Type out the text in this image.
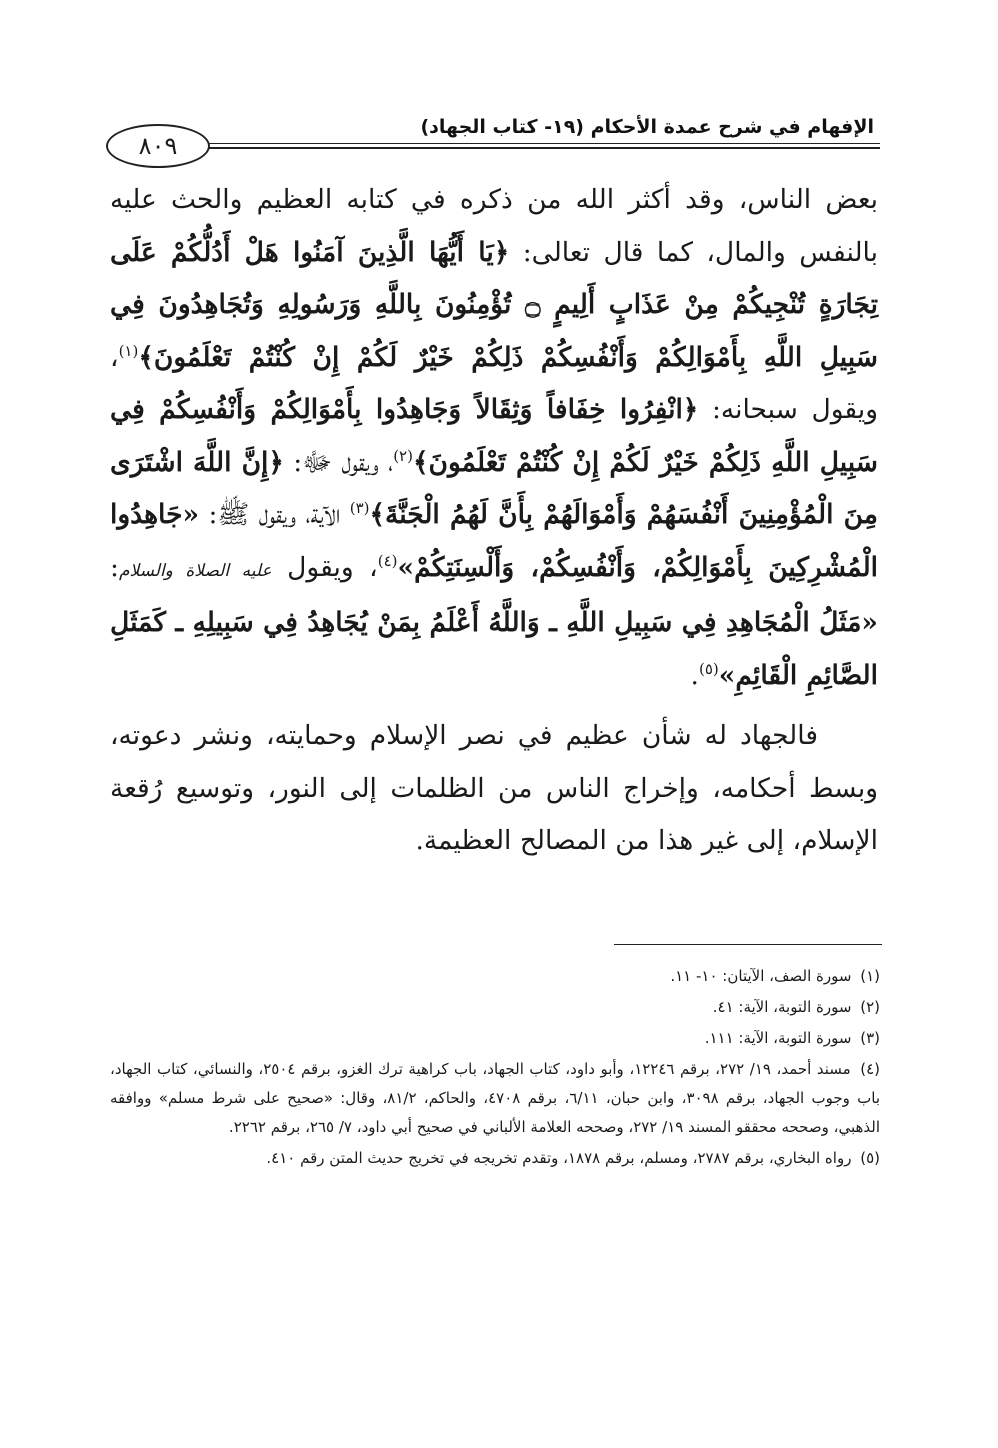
الإفهام في شرح عمدة الأحكام (١٩- كتاب الجهاد)
٨٠٩

بعض الناس، وقد أكثر الله من ذكره في كتابه العظيم والحث عليه بالنفس والمال، كما قال تعالى: ﴿يَا أَيُّهَا الَّذِينَ آمَنُوا هَلْ أَدُلُّكُمْ عَلَى تِجَارَةٍ تُنْجِيكُمْ مِنْ عَذَابٍ أَلِيمٍ ۝ تُؤْمِنُونَ بِاللَّهِ وَرَسُولِهِ وَتُجَاهِدُونَ فِي سَبِيلِ اللَّهِ بِأَمْوَالِكُمْ وَأَنْفُسِكُمْ ذَلِكُمْ خَيْرٌ لَكُمْ إِنْ كُنْتُمْ تَعْلَمُونَ﴾$^{(١)}$، ويقول سبحانه: ﴿انْفِرُوا خِفَافاً وَثِقَالاً وَجَاهِدُوا بِأَمْوَالِكُمْ وَأَنْفُسِكُمْ فِي سَبِيلِ اللَّهِ ذَلِكُمْ خَيْرٌ لَكُمْ إِنْ كُنْتُمْ تَعْلَمُونَ﴾$^{(٢)}$، ويقول ﷻ: ﴿إِنَّ اللَّهَ اشْتَرَى مِنَ الْمُؤْمِنِينَ أَنْفُسَهُمْ وَأَمْوَالَهُمْ بِأَنَّ لَهُمُ الْجَنَّةَ﴾$^{(٣)}$ الآية، ويقول ﷺ: «جَاهِدُوا الْمُشْرِكِينَ بِأَمْوَالِكُمْ، وَأَنْفُسِكُمْ، وَأَلْسِنَتِكُمْ»$^{(٤)}$، ويقول عليه الصلاة والسلام: «مَثَلُ الْمُجَاهِدِ فِي سَبِيلِ اللَّهِ ـ وَاللَّهُ أَعْلَمُ بِمَنْ يُجَاهِدُ فِي سَبِيلِهِ ـ كَمَثَلِ الصَّائِمِ الْقَائِمِ»$^{(٥)}$.

فالجهاد له شأن عظيم في نصر الإسلام وحمايته، ونشر دعوته، وبسط أحكامه، وإخراج الناس من الظلمات إلى النور، وتوسيع رُقعة الإسلام، إلى غير هذا من المصالح العظيمة.

(١) سورة الصف، الآيتان: ١٠- ١١.

(٢) سورة التوبة، الآية: ٤١.

(٣) سورة التوبة، الآية: ١١١.

(٤) مسند أحمد، ١٩/ ٢٧٢، برقم ١٢٢٤٦، وأبو داود، كتاب الجهاد، باب كراهية ترك الغزو، برقم ٢٥٠٤، والنسائي، كتاب الجهاد، باب وجوب الجهاد، برقم ٣٠٩٨، وابن حبان، ٦/١١، برقم ٤٧٠٨، والحاكم، ٨١/٢، وقال: «صحيح على شرط مسلم» ووافقه الذهبي، وصححه محققو المسند ١٩/ ٢٧٢، وصححه العلامة الألباني في صحيح أبي داود، ٧/ ٢٦٥، برقم ٢٢٦٢.

(٥) رواه البخاري، برقم ٢٧٨٧، ومسلم، برقم ١٨٧٨، وتقدم تخريجه في تخريج حديث المتن رقم ٤١٠.
